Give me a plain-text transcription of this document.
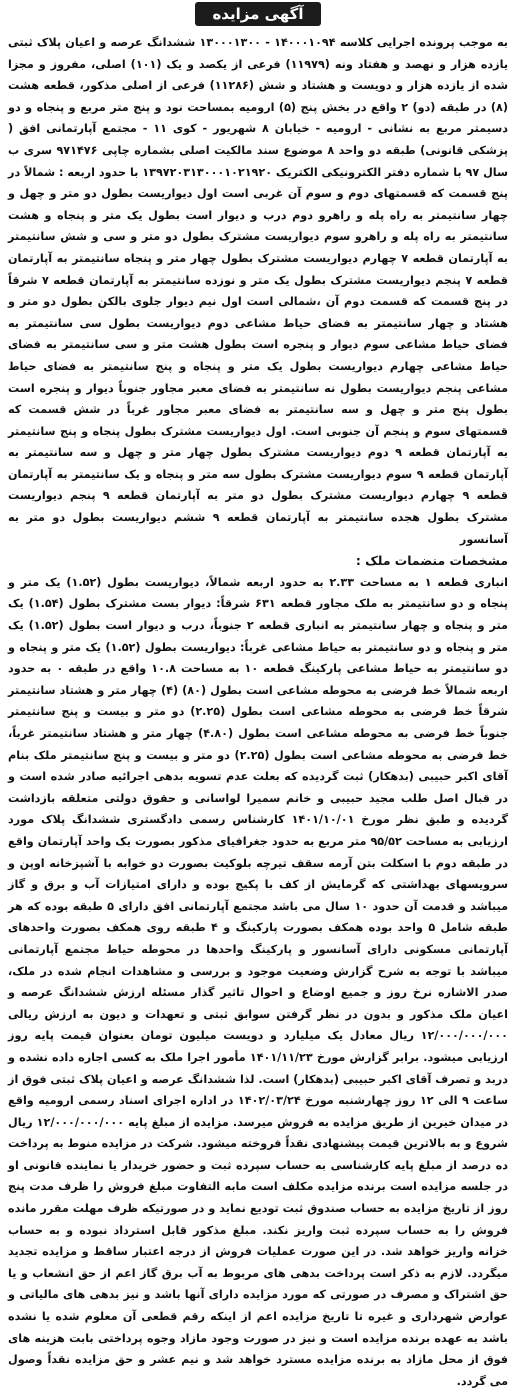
آگهی مزایده

به موجب پرونده اجرایی کلاسه ۱۴۰۰۰۱۰۹۴ - ۱۳۰۰۰۱۳۰۰ ششدانگ عرصه و اعیان پلاک ثبتی یازده هزار و نهصد و هفتاد ونه (۱۱۹۷۹) فرعی از یکصد و یک (۱۰۱) اصلی، مفروز و مجزا شده از یازده هزار و دویست و هشتاد و شش (۱۱۲۸۶) فرعی از اصلی مذکور، قطعه هشت (۸) در طبقه (دو) ۲ واقع در بخش پنج (۵) ارومیه بمساحت نود و پنج متر مربع و پنجاه و دو دسیمتر مربع به نشانی - ارومیه - خیابان ۸ شهریور - کوی ۱۱ - مجتمع آپارتمانی افق ( پزشکی قانونی) طبقه دو واحد ۸ موضوع سند مالکیت اصلی بشماره چاپی ۹۷۱۴۷۶ سری ب سال ۹۷ با شماره دفتر الکترونیکی الکتریک ۱۳۹۷۲۰۳۱۳۰۰۰۱۰۲۱۹۲۰ با حدود اربعه : شمالاً در پنج قسمت که قسمتهای دوم و سوم آن غربی است اول دیواریست بطول دو متر و چهل و چهار سانتیمتر به راه پله و راهرو دوم درب و دیوار است بطول یک متر و پنجاه و هشت سانتیمتر به راه پله و راهرو سوم دیواریست مشترک بطول دو متر و سی و شش سانتیمتر به آپارتمان قطعه ۷ چهارم دیواریست مشترک بطول چهار متر و پنجاه سانتیمتر به آپارتمان قطعه ۷ پنجم دیواریست مشترک بطول یک متر و نوزده سانتیمتر به آپارتمان قطعه ۷ شرقاً در پنج قسمت که قسمت دوم آن ،شمالی است اول نیم دیوار جلوی بالکن بطول دو متر و هشتاد و چهار سانتیمتر به فضای حیاط مشاعی دوم دیواریست بطول سی سانتیمتر به فضای حیاط مشاعی سوم دیوار و پنجره است بطول هشت متر و سی سانتیمتر به فضای حیاط مشاعی چهارم دیواریست بطول یک متر و پنجاه و پنج سانتیمتر به فضای حیاط مشاعی پنجم دیواریست بطول نه سانتیمتر به فضای معبر مجاور جنوباً دیوار و پنجره است بطول پنج متر و چهل و سه سانتیمتر به فضای معبر مجاور غرباً در شش قسمت که قسمتهای سوم و پنجم آن جنوبی است. اول دیواریست مشترک بطول پنجاه و پنج سانتیمتر به آپارتمان قطعه ۹ دوم دیواریست مشترک بطول چهار متر و چهل و سه سانتیمتر به آپارتمان قطعه ۹ سوم دیواریست مشترک بطول سه متر و پنجاه و یک سانتیمتر به آپارتمان قطعه ۹ چهارم دیواریست مشترک بطول دو متر به آپارتمان قطعه ۹ پنجم دیواریست مشترک بطول هجده سانتیمتر به آپارتمان قطعه ۹ ششم دیواریست بطول دو متر به آسانسور

مشخصات منضمات ملک :

انباری قطعه ۱ به مساحت ۲.۳۳ به حدود اربعه شمالاً، دیواریست بطول (۱.۵۲) یک متر و پنجاه و دو سانتیمتر به ملک مجاور قطعه ۶۳۱ شرقاً: دیوار بست مشترک بطول (۱.۵۴) یک متر و پنجاه و چهار سانتیمتر به انباری قطعه ۲ جنوباً، درب و دیوار است بطول (۱.۵۲) یک متر و پنجاه و دو سانتیمتر به حیاط مشاعی غرباً: دیواریست بطول (۱.۵۲) یک متر و پنجاه و دو سانتیمتر به حیاط مشاعی پارکینگ قطعه ۱۰ به مساحت ۱۰.۸ واقع در طبقه ۰ به حدود اربعه شمالاً خط فرضی به محوطه مشاعی است بطول (۸۰) (۴) چهار متر و هشتاد سانتیمتر شرقاً خط فرضی به محوطه مشاعی است بطول (۲.۲۵) دو متر و بیست و پنج سانتیمتر جنوباً خط فرضی به محوطه مشاعی است بطول (۴.۸۰) چهار متر و هشتاد سانتیمتر غرباً، خط فرضی به محوطه مشاعی است بطول (۲.۲۵) دو متر و بیست و پنج سانتیمتر ملک بنام آقای اکبر حبیبی (بدهکار) ثبت گردیده که بعلت عدم تسویه بدهی اجرائیه صادر شده است و در قبال اصل طلب مجید حبیبی و خانم سمیرا لواسانی و حقوق دولتی متعلقه بازداشت گردیده و طبق نظر مورخ ۱۴۰۱/۱۰/۰۱ کارشناس رسمی دادگستری ششدانگ پلاک مورد ارزیابی به مساحت ۹۵/۵۲ متر مربع به حدود جغرافیای مذکور بصورت یک واحد آپارتمان واقع در طبقه دوم با اسکلت بتن آرمه سقف تیرچه بلوکیت بصورت دو خوابه با آشپزخانه اوپن و سرویسهای بهداشتی که گرمایش از کف با پکیج بوده و دارای امتیازات آب و برق و گاز میباشد و قدمت آن حدود ۱۰ سال می باشد مجتمع آپارتمانی افق دارای ۵ طبقه بوده که هر طبقه شامل ۵ واحد بوده همکف بصورت پارکینگ و ۴ طبقه روی همکف بصورت واحدهای آپارتمانی مسکونی دارای آسانسور و پارکینگ واحدها در محوطه حیاط مجتمع آپارتمانی میباشد با توجه به شرح گزارش وضعیت موجود و بررسی و مشاهدات انجام شده در ملک، صدر الاشاره نرخ روز و جمیع اوضاع و احوال تاثیر گذار مسئله ارزش ششدانگ عرصه و اعیان ملک مذکور و بدون در نظر گرفتن سوابق ثبتی و تعهدات و دیون به ارزش ریالی ۱۲/۰۰۰/۰۰۰/۰۰۰ ریال معادل یک میلیارد و دویست میلیون تومان بعنوان قیمت پایه روز ارزیابی میشود. برابر گزارش مورخ ۱۴۰۱/۱۱/۲۳ مأمور اجرا ملک به کسی اجاره داده نشده و دربد و تصرف آقای اکبر حبیبی (بدهکار) است. لذا ششدانگ عرصه و اعیان پلاک ثبتی فوق از ساعت ۹ الی ۱۲ روز چهارشنبه مورخ ۱۴۰۲/۰۳/۲۴ در اداره اجرای اسناد رسمی ارومیه واقع در میدان خیرین از طریق مزایده به فروش میرسد. مزایده از مبلغ پایه ۱۲/۰۰۰/۰۰۰/۰۰۰ ریال شروع و به بالاترین قیمت پیشنهادی نقداً فروخته میشود. شرکت در مزایده منوط به پرداخت ده درصد از مبلغ پایه کارشناسی به حساب سپرده ثبت و حضور خریدار یا نماینده قانونی او در جلسه مزایده است برنده مزایده مکلف است مابه التفاوت مبلغ فروش را ظرف مدت پنج روز از تاریخ مزایده به حساب صندوق ثبت تودیع نماید و در صورتیکه ظرف مهلت مقرر مانده فروش را به حساب سپرده ثبت واریز نکند. مبلغ مذکور قابل استرداد نبوده و به حساب خزانه واریز خواهد شد. در این صورت عملیات فروش از درجه اعتبار ساقط و مزایده تجدید میگردد. لازم به ذکر است پرداخت بدهی های مربوط به آب برق گاز اعم از حق انشعاب و یا حق اشتراک و مصرف در صورتی که مورد مزایده دارای آنها باشد و نیز بدهی های مالیاتی و عوارض شهرداری و غیره تا تاریخ مزایده اعم از اینکه رقم قطعی آن معلوم شده یا نشده باشد به عهده برنده مزایده است و نیز در صورت وجود مازاد وجوه پرداختی بابت هزینه های فوق از محل مازاد به برنده مزایده مسترد خواهد شد و نیم عشر و حق مزایده نقداً وصول می گردد.
